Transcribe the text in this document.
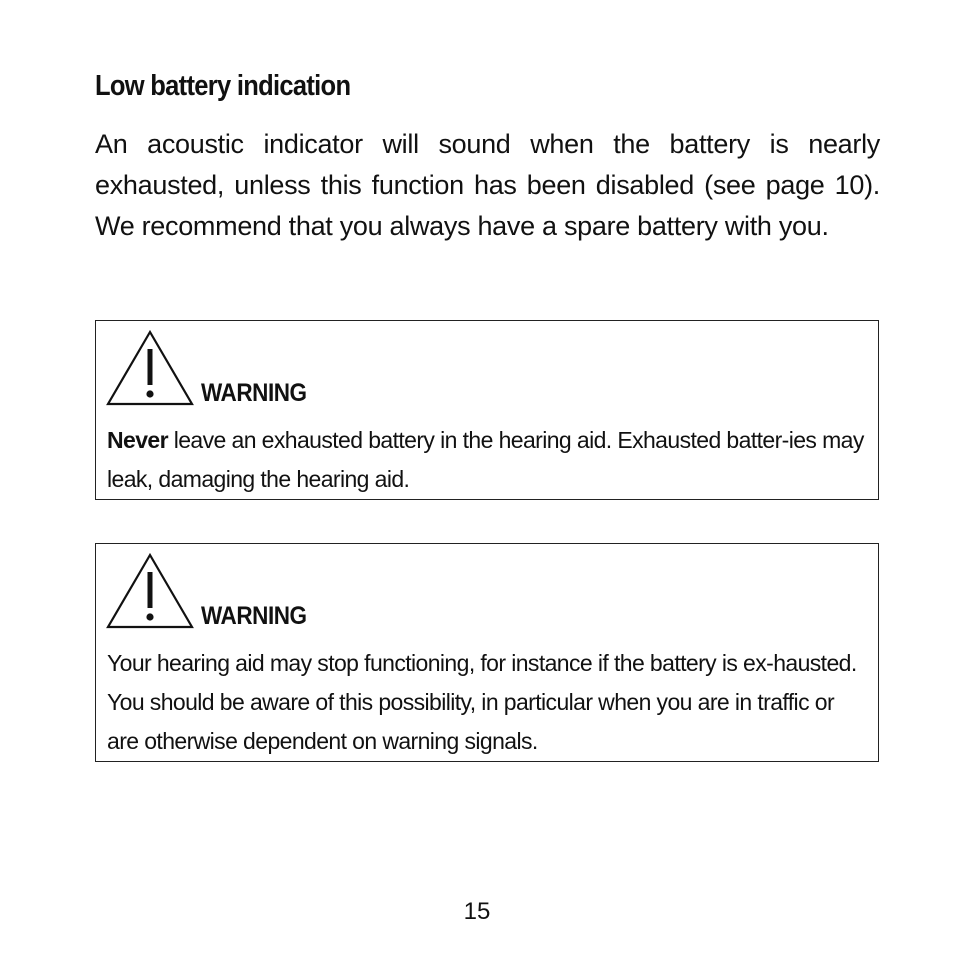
Low battery indication
An acoustic indicator will sound when the battery is nearly exhausted, unless this function has been disabled (see page 10). We recommend that you always have a spare battery with you.
WARNING
Never leave an exhausted battery in the hearing aid. Exhausted batter-ies may leak, damaging the hearing aid.
WARNING
Your hearing aid may stop functioning, for instance if the battery is ex-hausted. You should be aware of this possibility, in particular when you are in traffic or are otherwise dependent on warning signals.
15
